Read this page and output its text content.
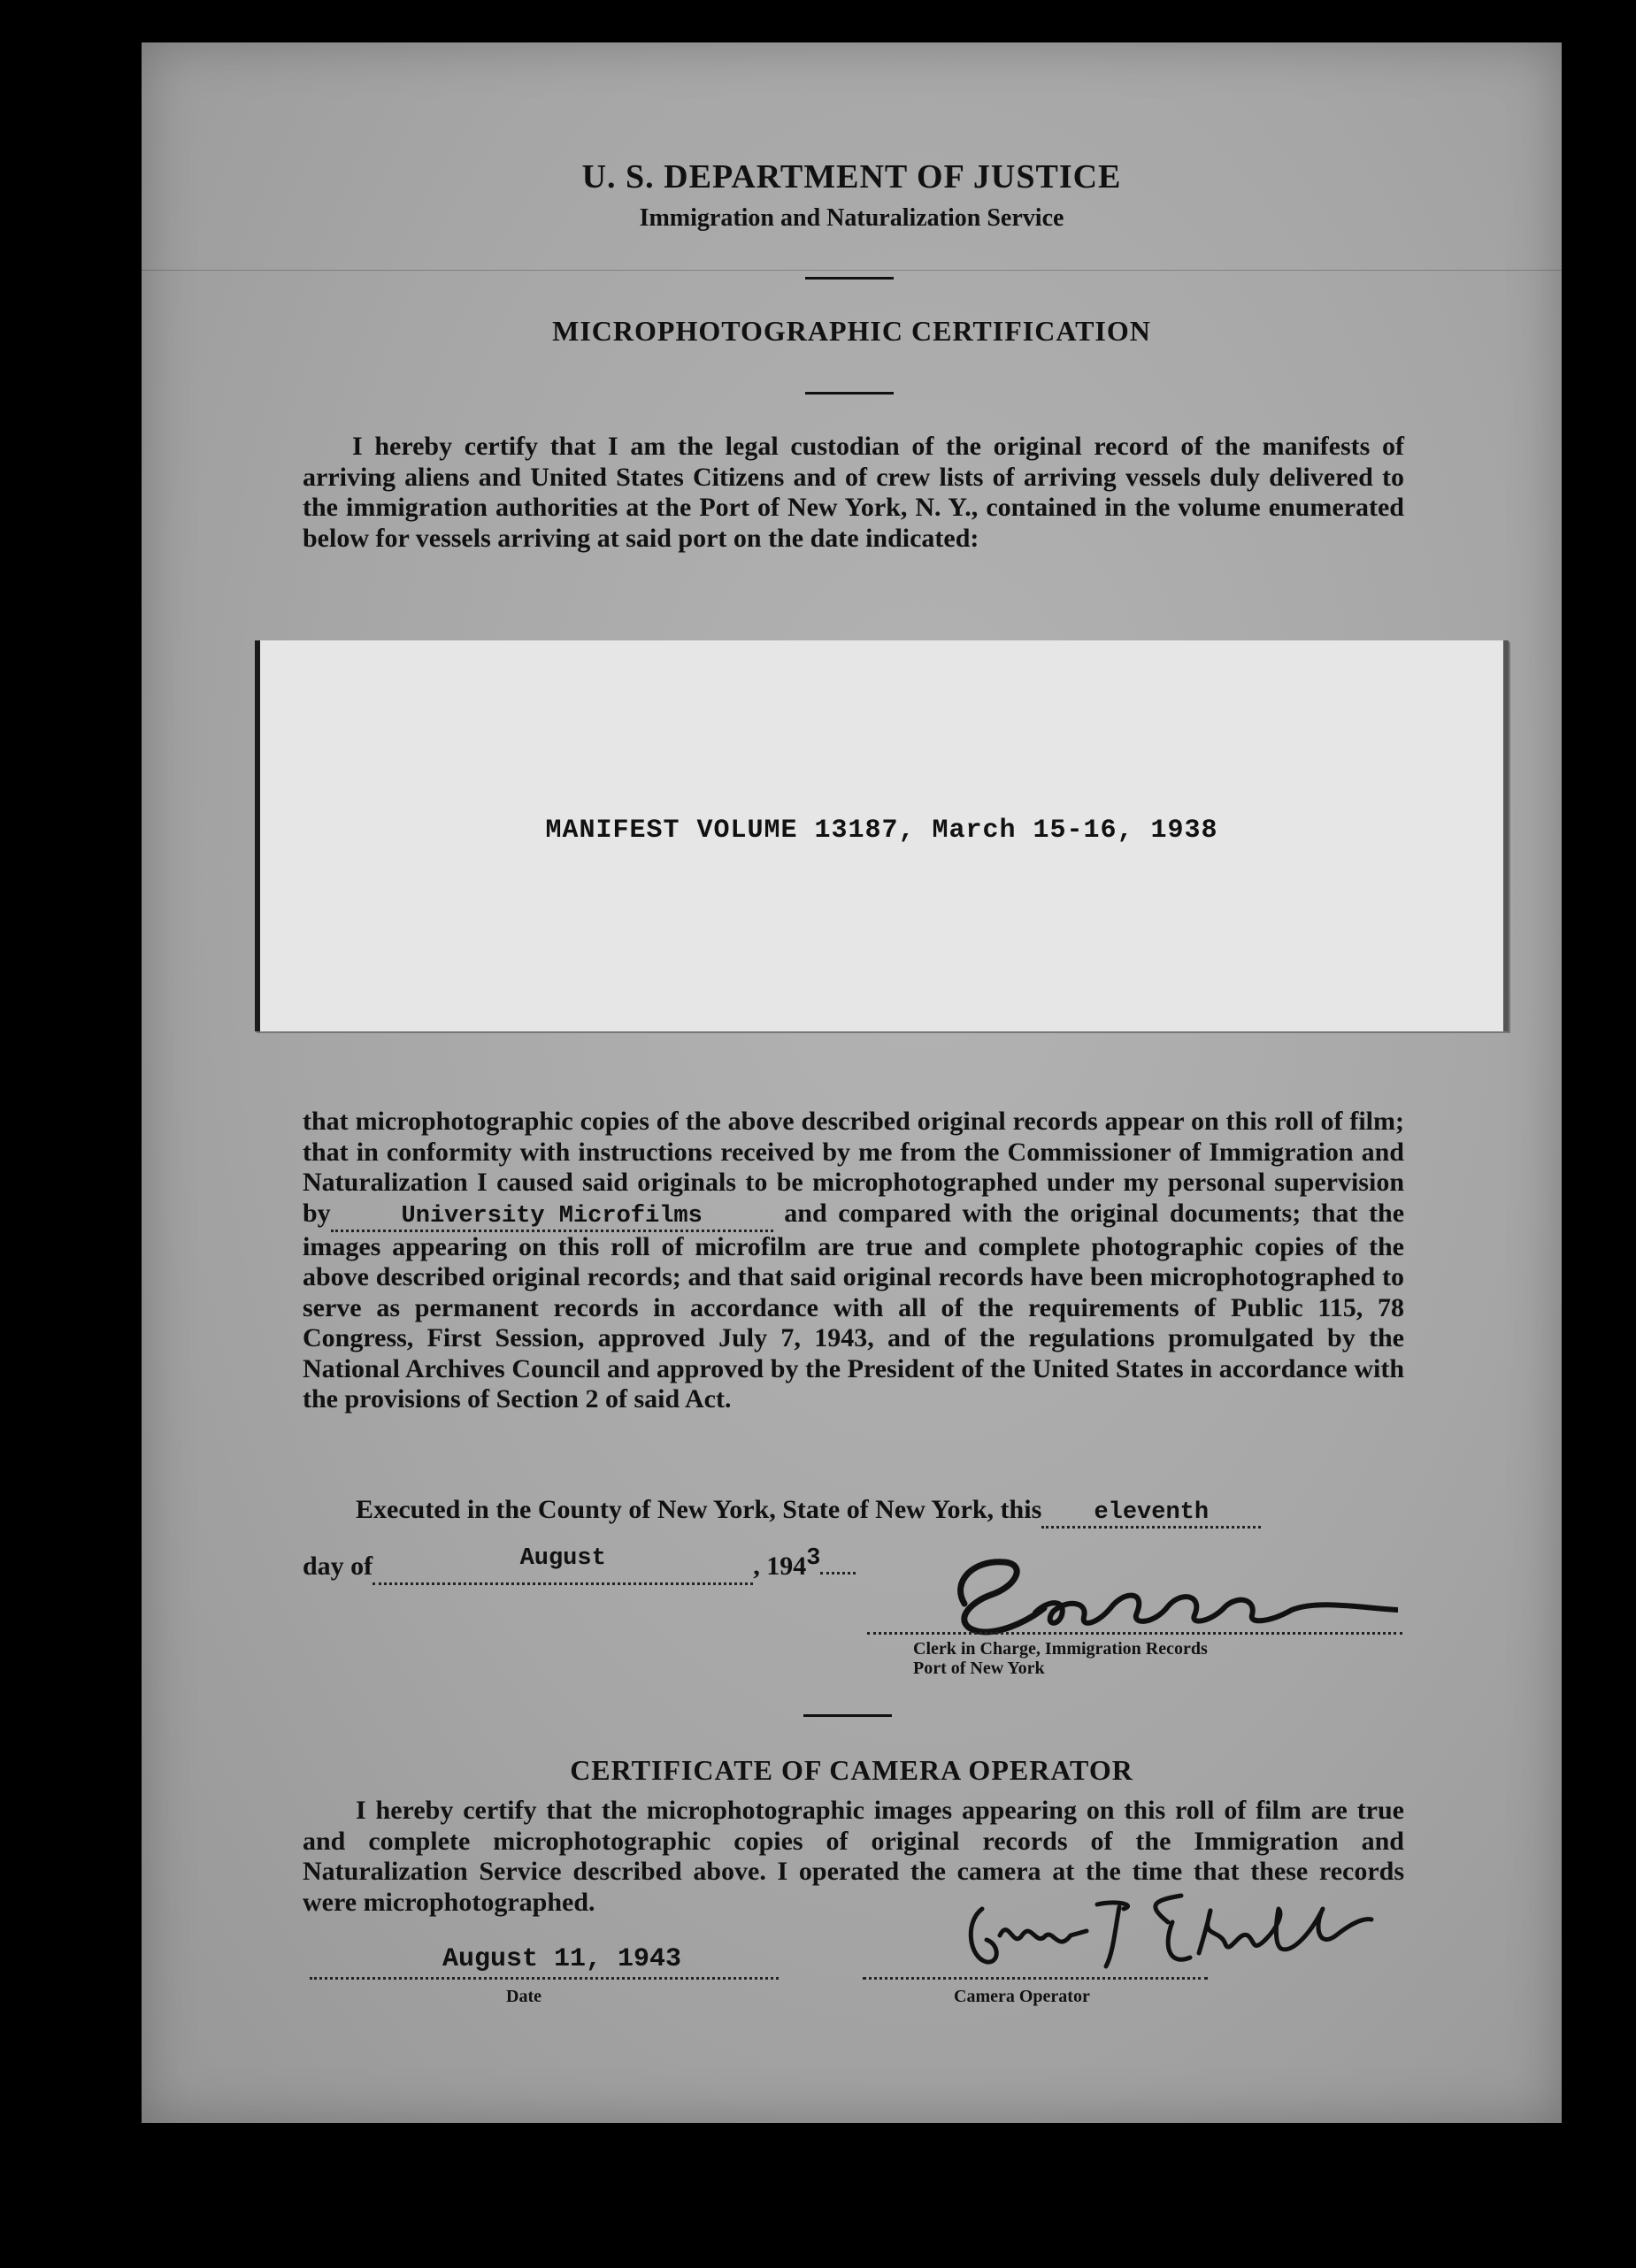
U. S. DEPARTMENT OF JUSTICE
Immigration and Naturalization Service
MICROPHOTOGRAPHIC CERTIFICATION
I hereby certify that I am the legal custodian of the original record of the manifests of arriving aliens and United States Citizens and of crew lists of arriving vessels duly delivered to the immigration authorities at the Port of New York, N. Y., contained in the volume enumerated below for vessels arriving at said port on the date indicated:
MANIFEST VOLUME 13187, March 15-16, 1938
that microphotographic copies of the above described original records appear on this roll of film; that in conformity with instructions received by me from the Commissioner of Immigration and Naturalization I caused said originals to be microphotographed under my personal supervision by	University Microfilms	and compared with the original documents; that the images appearing on this roll of microfilm are true and complete photographic copies of the above described original records; and that said original records have been microphotographed to serve as permanent records in accordance with all of the requirements of Public 115, 78 Congress, First Session, approved July 7, 1943, and of the regulations promulgated by the National Archives Council and approved by the President of the United States in accordance with the provisions of Section 2 of said Act.
Executed in the County of New York, State of New York, this eleventh
day of	August	, 1943
Clerk in Charge, Immigration Records
Port of New York
CERTIFICATE OF CAMERA OPERATOR
I hereby certify that the microphotographic images appearing on this roll of film are true and complete microphotographic copies of original records of the Immigration and Naturalization Service described above. I operated the camera at the time that these records were microphotographed.
August 11, 1943
Date	Camera Operator
